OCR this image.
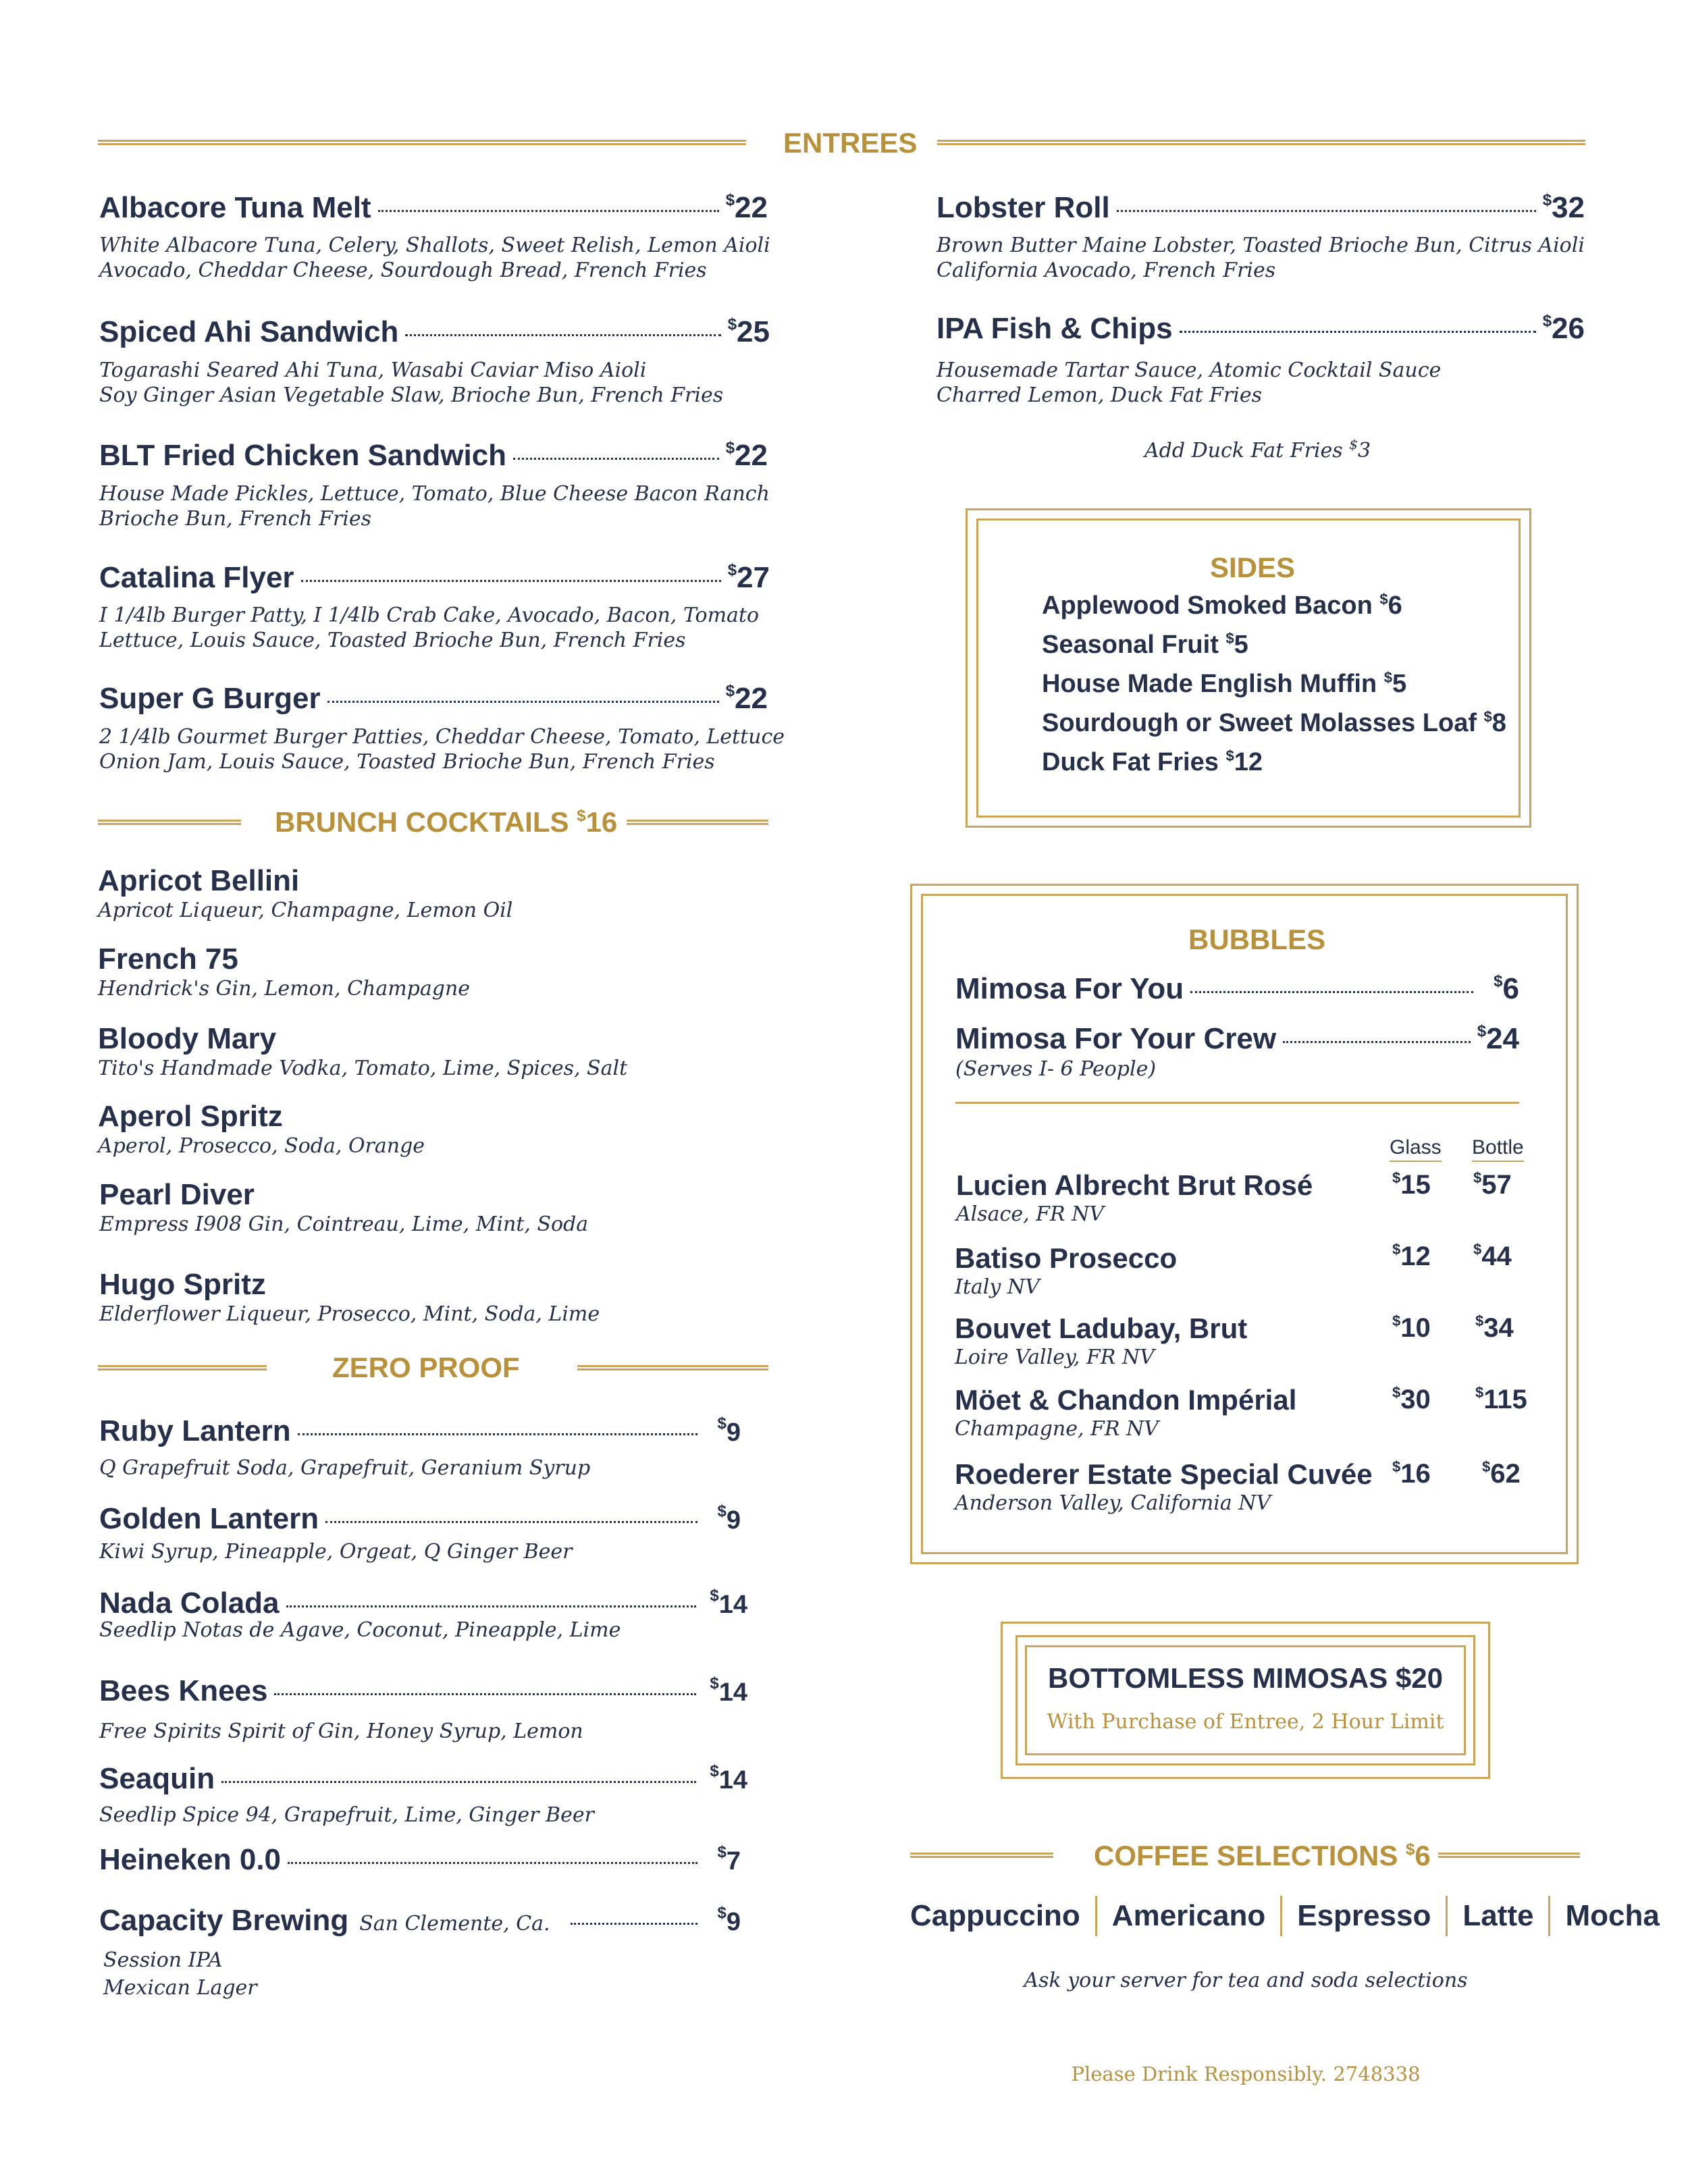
ENTREES
Albacore Tuna Melt	$22
White Albacore Tuna, Celery, Shallots, Sweet Relish, Lemon Aioli
Avocado, Cheddar Cheese, Sourdough Bread, French Fries
Spiced Ahi Sandwich	$25
Togarashi Seared Ahi Tuna, Wasabi Caviar Miso Aioli
Soy Ginger Asian Vegetable Slaw, Brioche Bun, French Fries
BLT Fried Chicken Sandwich	$22
House Made Pickles, Lettuce, Tomato, Blue Cheese Bacon Ranch
Brioche Bun, French Fries
Catalina Flyer	$27
I 1/4lb Burger Patty, I 1/4lb Crab Cake, Avocado, Bacon, Tomato
Lettuce, Louis Sauce, Toasted Brioche Bun, French Fries
Super G Burger	$22
2 1/4lb Gourmet Burger Patties, Cheddar Cheese, Tomato, Lettuce
Onion Jam, Louis Sauce, Toasted Brioche Bun, French Fries
Lobster Roll	$32
Brown Butter Maine Lobster, Toasted Brioche Bun, Citrus Aioli
California Avocado, French Fries
IPA Fish & Chips	$26
Housemade Tartar Sauce, Atomic Cocktail Sauce
Charred Lemon, Duck Fat Fries
Add Duck Fat Fries $3
SIDES
Applewood Smoked Bacon $6
Seasonal Fruit $5
House Made English Muffin $5
Sourdough or Sweet Molasses Loaf $8
Duck Fat Fries $12
BRUNCH COCKTAILS $16
Apricot Bellini
Apricot Liqueur, Champagne, Lemon Oil
French 75
Hendrick's Gin, Lemon, Champagne
Bloody Mary
Tito's Handmade Vodka, Tomato, Lime, Spices, Salt
Aperol Spritz
Aperol, Prosecco, Soda, Orange
Pearl Diver
Empress I908 Gin, Cointreau, Lime, Mint, Soda
Hugo Spritz
Elderflower Liqueur, Prosecco, Mint, Soda, Lime
ZERO PROOF
Ruby Lantern	$9
Q Grapefruit Soda, Grapefruit, Geranium Syrup
Golden Lantern	$9
Kiwi Syrup, Pineapple, Orgeat, Q Ginger Beer
Nada Colada	$14
Seedlip Notas de Agave, Coconut, Pineapple, Lime
Bees Knees	$14
Free Spirits Spirit of Gin, Honey Syrup, Lemon
Seaquin	$14
Seedlip Spice 94, Grapefruit, Lime, Ginger Beer
Heineken 0.0	$7
Capacity Brewing San Clemente, Ca.	$9
Session IPA
Mexican Lager
BUBBLES
Mimosa For You	$6
Mimosa For Your Crew	$24
(Serves I- 6 People)
Glass Bottle
Lucien Albrecht Brut Rosé
Alsace, FR NV
$15	$57
Batiso Prosecco
Italy NV
$12	$44
Bouvet Ladubay, Brut
Loire Valley, FR NV
$10	$34
Möet & Chandon Impérial
Champagne, FR NV
$30	$115
Roederer Estate Special Cuvée
Anderson Valley, California NV
$16	$62
BOTTOMLESS MIMOSAS $20
With Purchase of Entree, 2 Hour Limit
COFFEE SELECTIONS $6
Cappuccino	Americano	Espresso	Latte	Mocha
Ask your server for tea and soda selections
Please Drink Responsibly. 2748338
